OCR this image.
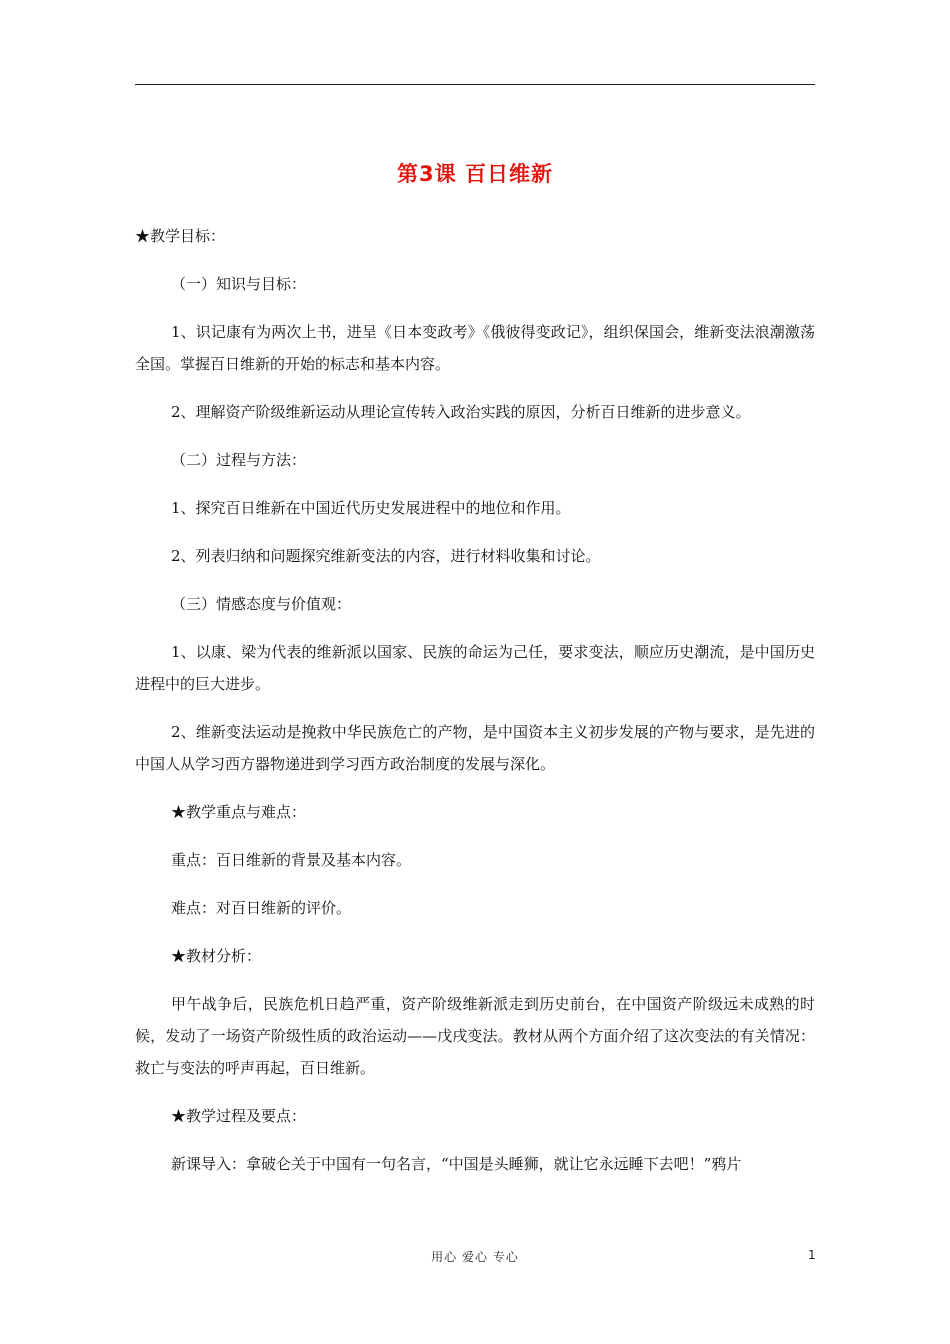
第3课 百日维新

★教学目标：

（一）知识与目标：

1、识记康有为两次上书，进呈《日本变政考》《俄彼得变政记》，组织保国会，维新变法浪潮激荡全国。掌握百日维新的开始的标志和基本内容。

2、理解资产阶级维新运动从理论宣传转入政治实践的原因，分析百日维新的进步意义。

（二）过程与方法：

1、探究百日维新在中国近代历史发展进程中的地位和作用。

2、列表归纳和问题探究维新变法的内容，进行材料收集和讨论。

（三）情感态度与价值观：

1、以康、梁为代表的维新派以国家、民族的命运为己任，要求变法，顺应历史潮流，是中国历史进程中的巨大进步。

2、维新变法运动是挽救中华民族危亡的产物，是中国资本主义初步发展的产物与要求，是先进的中国人从学习西方器物递进到学习西方政治制度的发展与深化。

★教学重点与难点：

重点：百日维新的背景及基本内容。

难点：对百日维新的评价。

★教材分析：

甲午战争后，民族危机日趋严重，资产阶级维新派走到历史前台，在中国资产阶级远未成熟的时候，发动了一场资产阶级性质的政治运动——戊戌变法。教材从两个方面介绍了这次变法的有关情况：救亡与变法的呼声再起，百日维新。

★教学过程及要点：

新课导入：拿破仑关于中国有一句名言，“中国是头睡狮，就让它永远睡下去吧！”鸦片

用心 爱心 专心	1
